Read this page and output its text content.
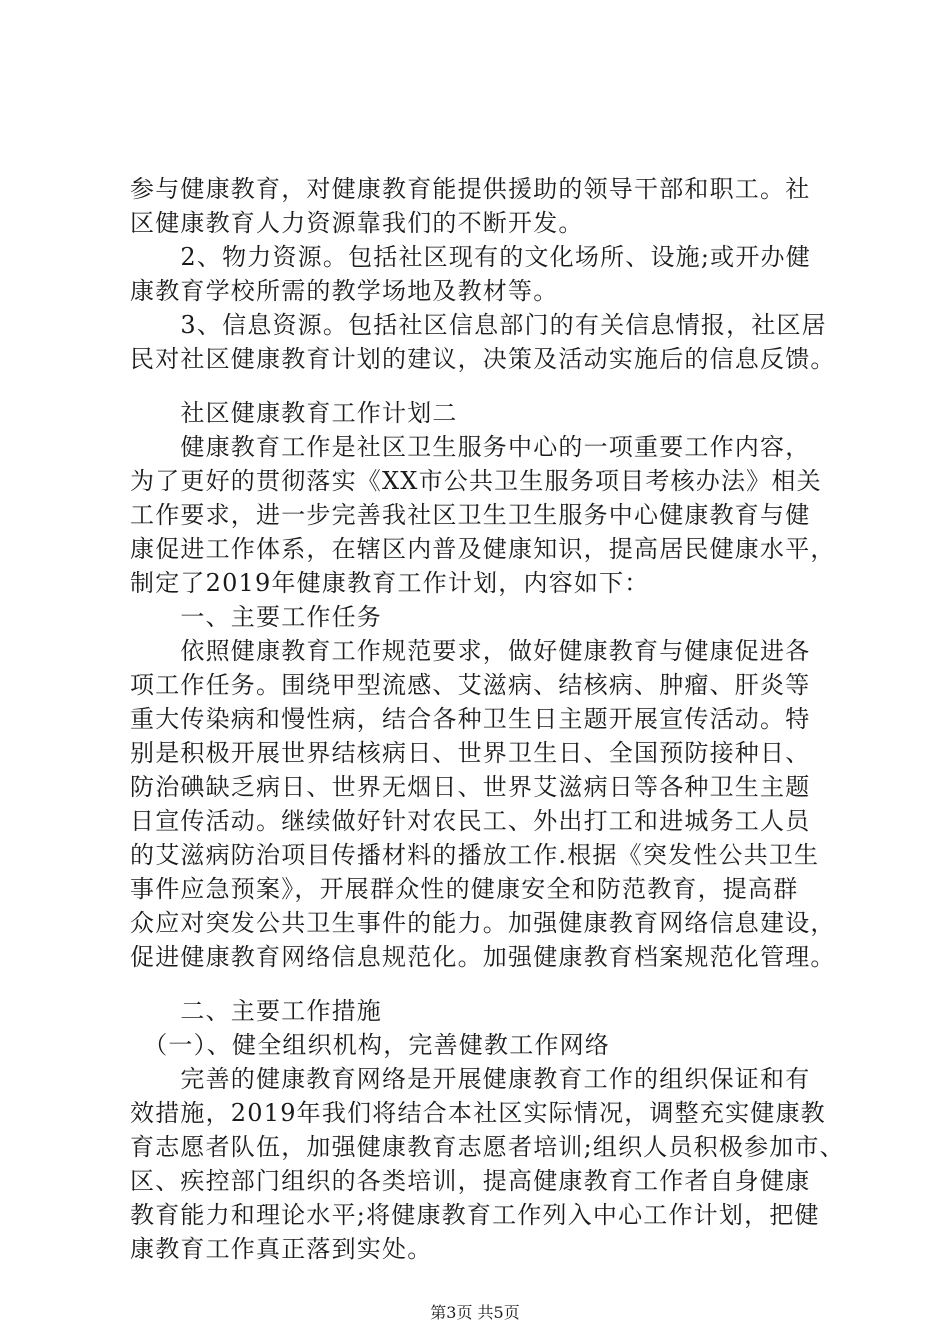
参与健康教育，对健康教育能提供援助的领导干部和职工。社
区健康教育人力资源靠我们的不断开发。
　　2、物力资源。包括社区现有的文化场所、设施;或开办健
康教育学校所需的教学场地及教材等。
　　3、信息资源。包括社区信息部门的有关信息情报，社区居
民对社区健康教育计划的建议，决策及活动实施后的信息反馈。
　　社区健康教育工作计划二
　　健康教育工作是社区卫生服务中心的一项重要工作内容，
为了更好的贯彻落实《XX市公共卫生服务项目考核办法》相关
工作要求，进一步完善我社区卫生卫生服务中心健康教育与健
康促进工作体系，在辖区内普及健康知识，提高居民健康水平，
制定了2019年健康教育工作计划，内容如下：
　　一、主要工作任务
　　依照健康教育工作规范要求，做好健康教育与健康促进各
项工作任务。围绕甲型流感、艾滋病、结核病、肿瘤、肝炎等
重大传染病和慢性病，结合各种卫生日主题开展宣传活动。特
别是积极开展世界结核病日、世界卫生日、全国预防接种日、
防治碘缺乏病日、世界无烟日、世界艾滋病日等各种卫生主题
日宣传活动。继续做好针对农民工、外出打工和进城务工人员
的艾滋病防治项目传播材料的播放工作.根据《突发性公共卫生
事件应急预案》，开展群众性的健康安全和防范教育，提高群
众应对突发公共卫生事件的能力。加强健康教育网络信息建设，
促进健康教育网络信息规范化。加强健康教育档案规范化管理。
　　二、主要工作措施
　（一）、健全组织机构，完善健教工作网络
　　完善的健康教育网络是开展健康教育工作的组织保证和有
效措施，2019年我们将结合本社区实际情况，调整充实健康教
育志愿者队伍，加强健康教育志愿者培训;组织人员积极参加市、
区、疾控部门组织的各类培训，提高健康教育工作者自身健康
教育能力和理论水平;将健康教育工作列入中心工作计划，把健
康教育工作真正落到实处。
第3页 共5页
